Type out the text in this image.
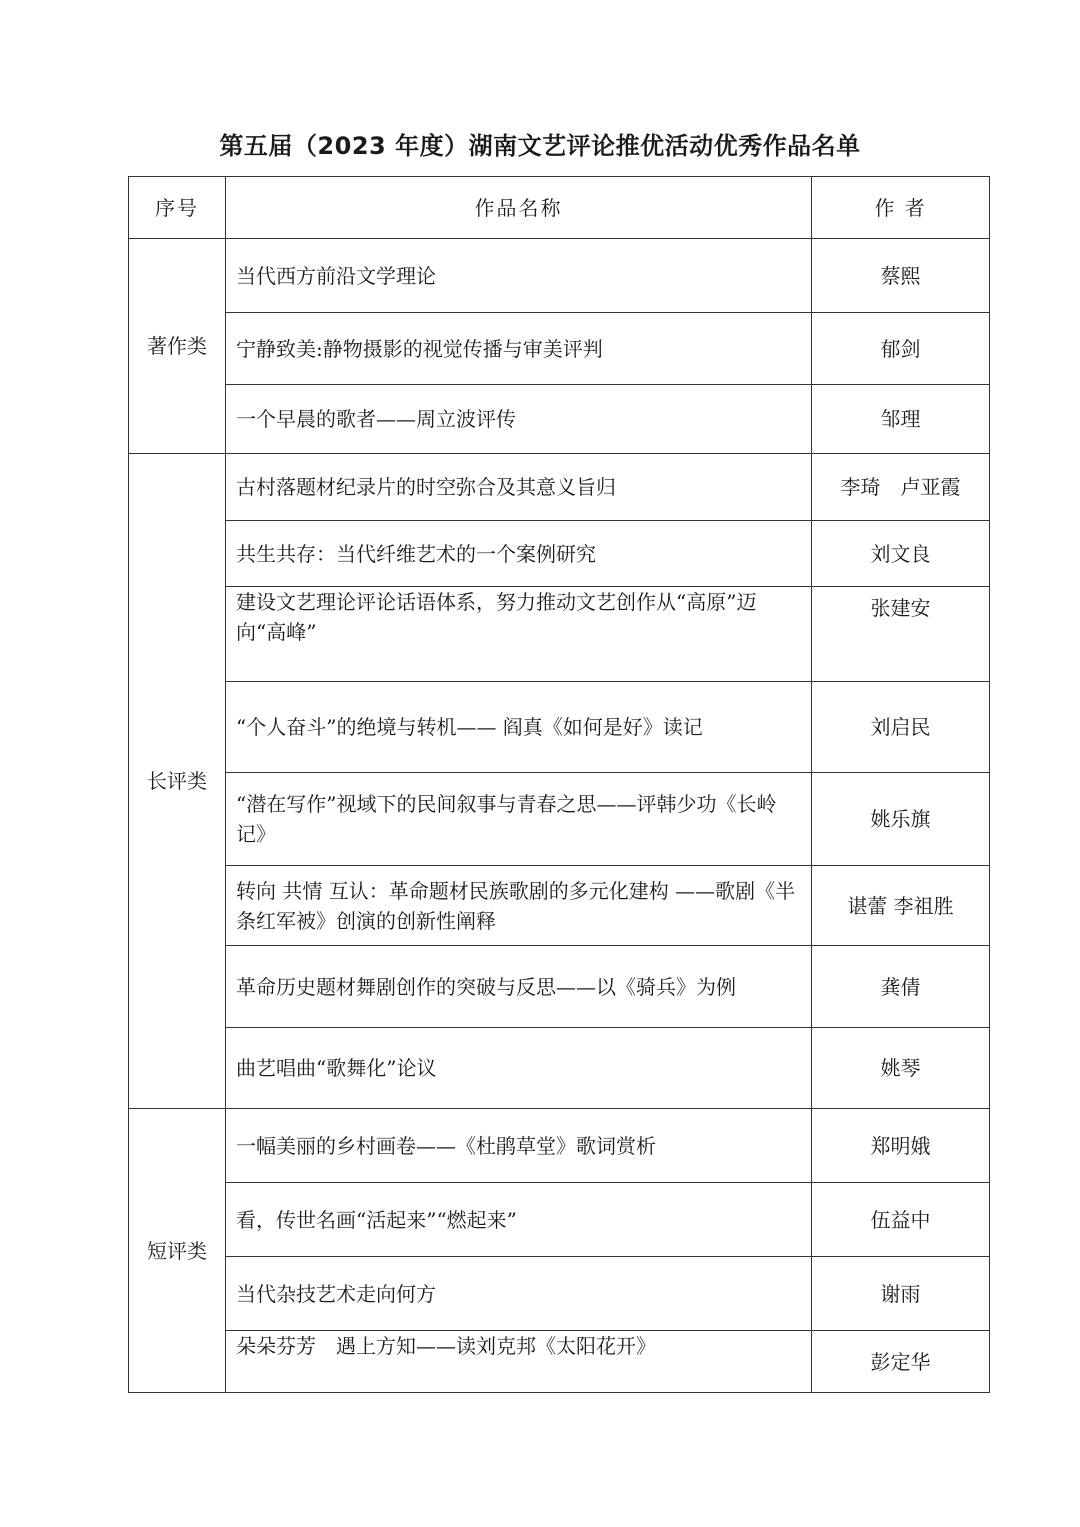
第五届（2023 年度）湖南文艺评论推优活动优秀作品名单
序号	作品名称	作 者
著作类	当代西方前沿文学理论	蔡熙
	宁静致美:静物摄影的视觉传播与审美评判	郁剑
	一个早晨的歌者——周立波评传	邹理
长评类	古村落题材纪录片的时空弥合及其意义旨归	李琦　卢亚霞
	共生共存：当代纤维艺术的一个案例研究	刘文良
	建设文艺理论评论话语体系，努力推动文艺创作从“高原”迈向“高峰”	张建安
	“个人奋斗”的绝境与转机—— 阎真《如何是好》读记	刘启民
	“潜在写作”视域下的民间叙事与青春之思——评韩少功《长岭记》	姚乐旗
	转向 共情 互认：革命题材民族歌剧的多元化建构 ——歌剧《半条红军被》创演的创新性阐释	谌蕾 李祖胜
	革命历史题材舞剧创作的突破与反思——以《骑兵》为例	龚倩
	曲艺唱曲“歌舞化”论议	姚琴
短评类	一幅美丽的乡村画卷——《杜鹃草堂》歌词赏析	郑明娥
	看，传世名画“活起来”“燃起来”	伍益中
	当代杂技艺术走向何方	谢雨
	朵朵芬芳　遇上方知——读刘克邦《太阳花开》	彭定华
